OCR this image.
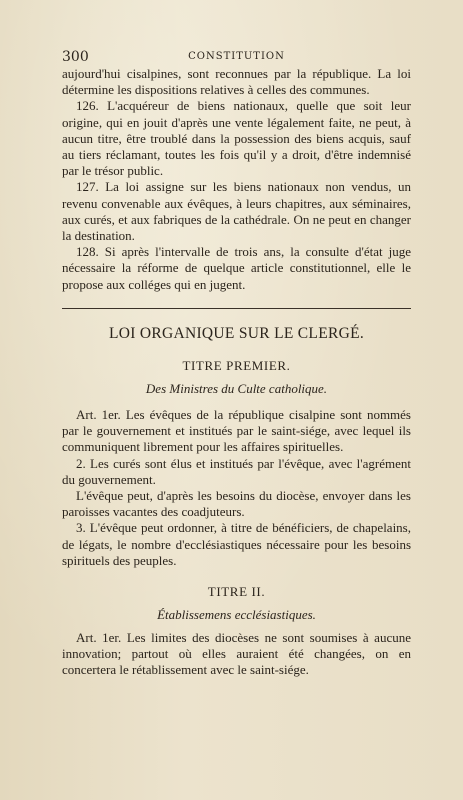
300	CONSTITUTION

aujourd'hui cisalpines, sont reconnues par la république. La loi détermine les dispositions relatives à celles des communes.

126. L'acquéreur de biens nationaux, quelle que soit leur origine, qui en jouit d'après une vente légalement faite, ne peut, à aucun titre, être troublé dans la possession des biens acquis, sauf au tiers réclamant, toutes les fois qu'il y a droit, d'être indemnisé par le trésor public.

127. La loi assigne sur les biens nationaux non vendus, un revenu convenable aux évêques, à leurs chapitres, aux séminaires, aux curés, et aux fabriques de la cathédrale. On ne peut en changer la destination.

128. Si après l'intervalle de trois ans, la consulte d'état juge nécessaire la réforme de quelque article constitutionnel, elle le propose aux colléges qui en jugent.

LOI ORGANIQUE SUR LE CLERGÉ.
TITRE PREMIER.
Des Ministres du Culte catholique.

Art. 1er. Les évêques de la république cisalpine sont nommés par le gouvernement et institués par le saint-siége, avec lequel ils communiquent librement pour les affaires spirituelles.

2. Les curés sont élus et institués par l'évêque, avec l'agrément du gouvernement.

L'évêque peut, d'après les besoins du diocèse, envoyer dans les paroisses vacantes des coadjuteurs.

3. L'évêque peut ordonner, à titre de bénéficiers, de chapelains, de légats, le nombre d'ecclésiastiques nécessaire pour les besoins spirituels des peuples.

TITRE II.
Établissemens ecclésiastiques.

Art. 1er. Les limites des diocèses ne sont soumises à aucune innovation; partout où elles auraient été changées, on en concertera le rétablissement avec le saint-siége.
